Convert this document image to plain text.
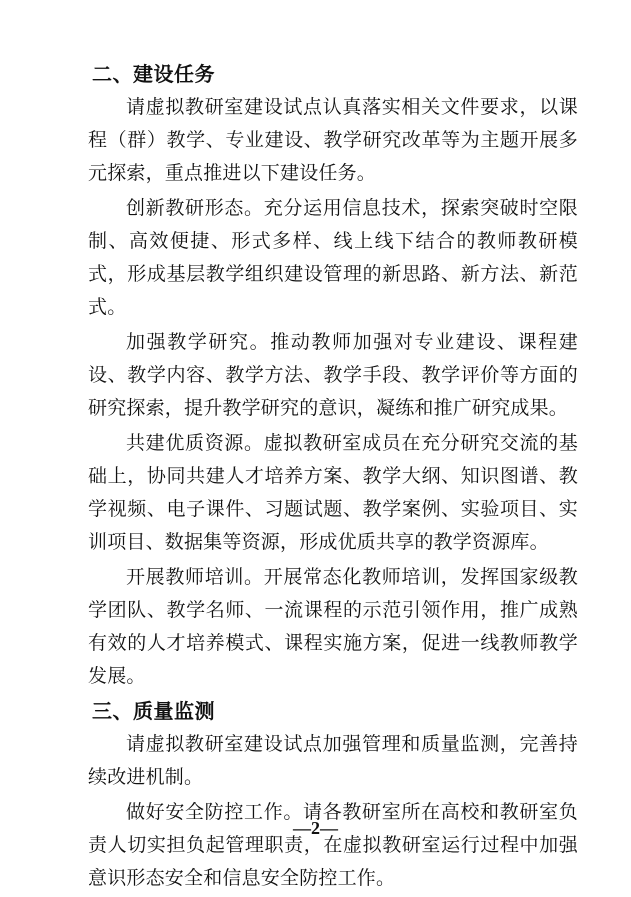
二、建设任务

请虚拟教研室建设试点认真落实相关文件要求，以课程（群）教学、专业建设、教学研究改革等为主题开展多元探索，重点推进以下建设任务。

创新教研形态。充分运用信息技术，探索突破时空限制、高效便捷、形式多样、线上线下结合的教师教研模式，形成基层教学组织建设管理的新思路、新方法、新范式。

加强教学研究。推动教师加强对专业建设、课程建设、教学内容、教学方法、教学手段、教学评价等方面的研究探索，提升教学研究的意识，凝练和推广研究成果。

共建优质资源。虚拟教研室成员在充分研究交流的基础上，协同共建人才培养方案、教学大纲、知识图谱、教学视频、电子课件、习题试题、教学案例、实验项目、实训项目、数据集等资源，形成优质共享的教学资源库。

开展教师培训。开展常态化教师培训，发挥国家级教学团队、教学名师、一流课程的示范引领作用，推广成熟有效的人才培养模式、课程实施方案，促进一线教师教学发展。

三、质量监测

请虚拟教研室建设试点加强管理和质量监测，完善持续改进机制。

做好安全防控工作。请各教研室所在高校和教研室负责人切实担负起管理职责，在虚拟教研室运行过程中加强意识形态安全和信息安全防控工作。

—2—
